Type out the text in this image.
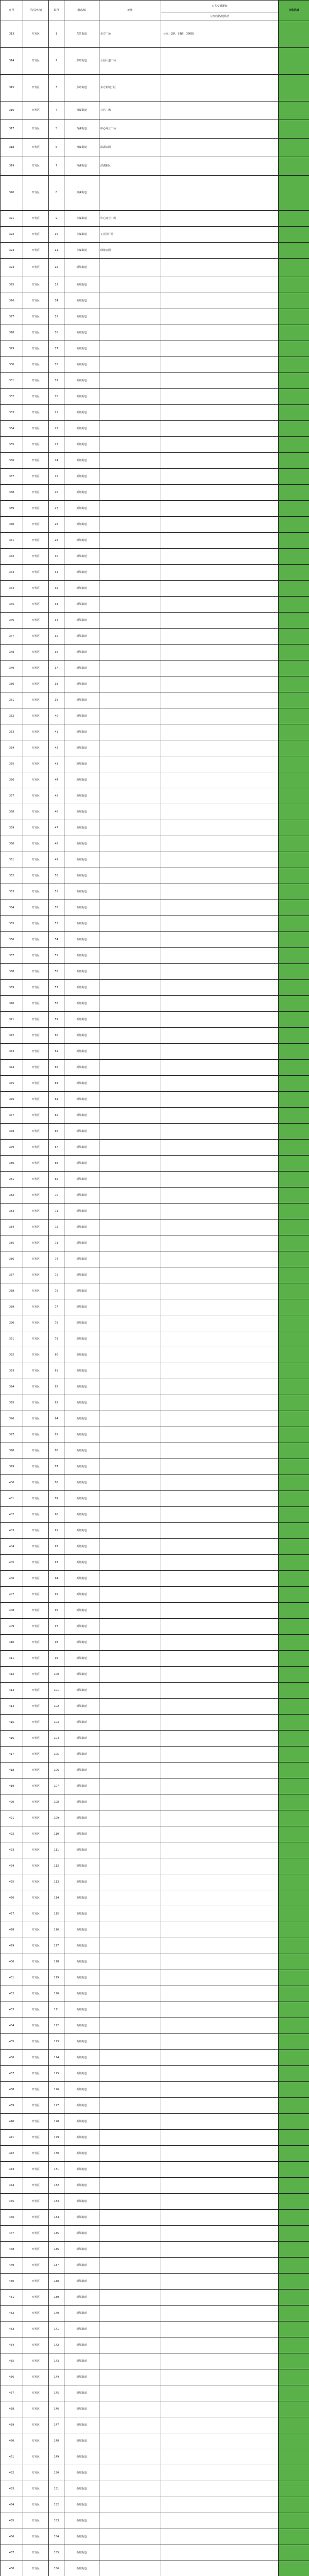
序号	区/县/乡镇	编号	街道/镇	地址	公共交通配套	自选区域
					公交线路/地铁站	
313	开发区	1	东站街道	东方广场	公交：2路、88路、306路	
314	开发区	2	东站街道	公园大道广场		
315	开发区	3	东站街道	东方新城小区		
316	开发区	4	西湖街道	万达广场		
317	开发区	5	西湖街道	中心商业广场		
318	开发区	6	西湖街道	滨湖公园		
319	开发区	7	西湖街道	滨湖新区		
320	开发区	8	中湖街道			
321	开发区	9	中湖街道	中心商业广场		
322	开发区	10	中湖街道	工业园广场		
323	开发区	11	中湖街道	绿地公园		
324	开发区	12	新城街道			
325	开发区	13	新城街道			
326	开发区	14	新城街道			
327	开发区	15	新城街道			
328	开发区	16	新城街道			
329	开发区	17	新城街道			
330	开发区	18	新城街道			
331	开发区	19	新城街道			
332	开发区	20	新城街道			
333	开发区	21	新城街道			
334	开发区	22	新城街道			
335	开发区	23	新城街道			
336	开发区	24	新城街道			
337	开发区	25	新城街道			
338	开发区	26	新城街道			
339	开发区	27	新城街道			
340	开发区	28	新城街道			
341	开发区	29	新城街道			
342	开发区	30	新城街道			
343	开发区	31	新城街道			
344	开发区	32	新城街道			
345	开发区	33	新城街道			
346	开发区	34	新城街道			
347	开发区	35	新城街道			
348	开发区	36	新城街道			
349	开发区	37	新城街道			
350	开发区	38	新城街道			
351	开发区	39	新城街道			
352	开发区	40	新城街道			
353	开发区	41	新城街道			
354	开发区	42	新城街道			
355	开发区	43	新城街道			
356	开发区	44	新城街道			
357	开发区	45	新城街道			
358	开发区	46	新城街道			
359	开发区	47	新城街道			
360	开发区	48	新城街道			
361	开发区	49	新城街道			
362	开发区	50	新城街道			
363	开发区	51	新城街道			
364	开发区	52	新城街道			
365	开发区	53	新城街道			
366	开发区	54	新城街道			
367	开发区	55	新城街道			
368	开发区	56	新城街道			
369	开发区	57	新城街道			
370	开发区	58	新城街道			
371	开发区	59	新城街道			
372	开发区	60	新城街道			
373	开发区	61	新城街道			
374	开发区	62	新城街道			
375	开发区	63	新城街道			
376	开发区	64	新城街道			
377	开发区	65	新城街道			
378	开发区	66	新城街道			
379	开发区	67	新城街道			
380	开发区	68	新城街道			
381	开发区	69	新城街道			
382	开发区	70	新城街道			
383	开发区	71	新城街道			
384	开发区	72	新城街道			
385	开发区	73	新城街道			
386	开发区	74	新城街道			
387	开发区	75	新城街道			
388	开发区	76	新城街道			
389	开发区	77	新城街道			
390	开发区	78	新城街道			
391	开发区	79	新城街道			
392	开发区	80	新城街道			
393	开发区	81	新城街道			
394	开发区	82	新城街道			
395	开发区	83	新城街道			
396	开发区	84	新城街道			
397	开发区	85	新城街道			
398	开发区	86	新城街道			
399	开发区	87	新城街道			
400	开发区	88	新城街道			
401	开发区	89	新城街道			
402	开发区	90	新城街道			
403	开发区	91	新城街道			
404	开发区	92	新城街道			
405	开发区	93	新城街道			
406	开发区	94	新城街道			
407	开发区	95	新城街道			
408	开发区	96	新城街道			
409	开发区	97	新城街道			
410	开发区	98	新城街道			
411	开发区	99	新城街道			
412	开发区	100	新城街道			
413	开发区	101	新城街道			
414	开发区	102	新城街道			
415	开发区	103	新城街道			
416	开发区	104	新城街道			
417	开发区	105	新城街道			
418	开发区	106	新城街道			
419	开发区	107	新城街道			
420	开发区	108	新城街道			
421	开发区	109	新城街道			
422	开发区	110	新城街道			
423	开发区	111	新城街道			
424	开发区	112	新城街道			
425	开发区	113	新城街道			
426	开发区	114	新城街道			
427	开发区	115	新城街道			
428	开发区	116	新城街道			
429	开发区	117	新城街道			
430	开发区	118	新城街道			
431	开发区	119	新城街道			
432	开发区	120	新城街道			
433	开发区	121	新城街道			
434	开发区	122	新城街道			
435	开发区	123	新城街道			
436	开发区	124	新城街道			
437	开发区	125	新城街道			
438	开发区	126	新城街道			
439	开发区	127	新城街道			
440	开发区	128	新城街道			
441	开发区	129	新城街道			
442	开发区	130	新城街道			
443	开发区	131	新城街道			
444	开发区	132	新城街道			
445	开发区	133	新城街道			
446	开发区	134	新城街道			
447	开发区	135	新城街道			
448	开发区	136	新城街道			
449	开发区	137	新城街道			
450	开发区	138	新城街道			
451	开发区	139	新城街道			
452	开发区	140	新城街道			
453	开发区	141	新城街道			
454	开发区	142	新城街道			
455	开发区	143	新城街道			
456	开发区	144	新城街道			
457	开发区	145	新城街道			
458	开发区	146	新城街道			
459	开发区	147	新城街道			
460	开发区	148	新城街道			
461	开发区	149	新城街道			
462	开发区	150	新城街道			
463	开发区	151	新城街道			
464	开发区	152	新城街道			
465	开发区	153	新城街道			
466	开发区	154	新城街道			
467	开发区	155	新城街道			
468	开发区	156	新城街道			
